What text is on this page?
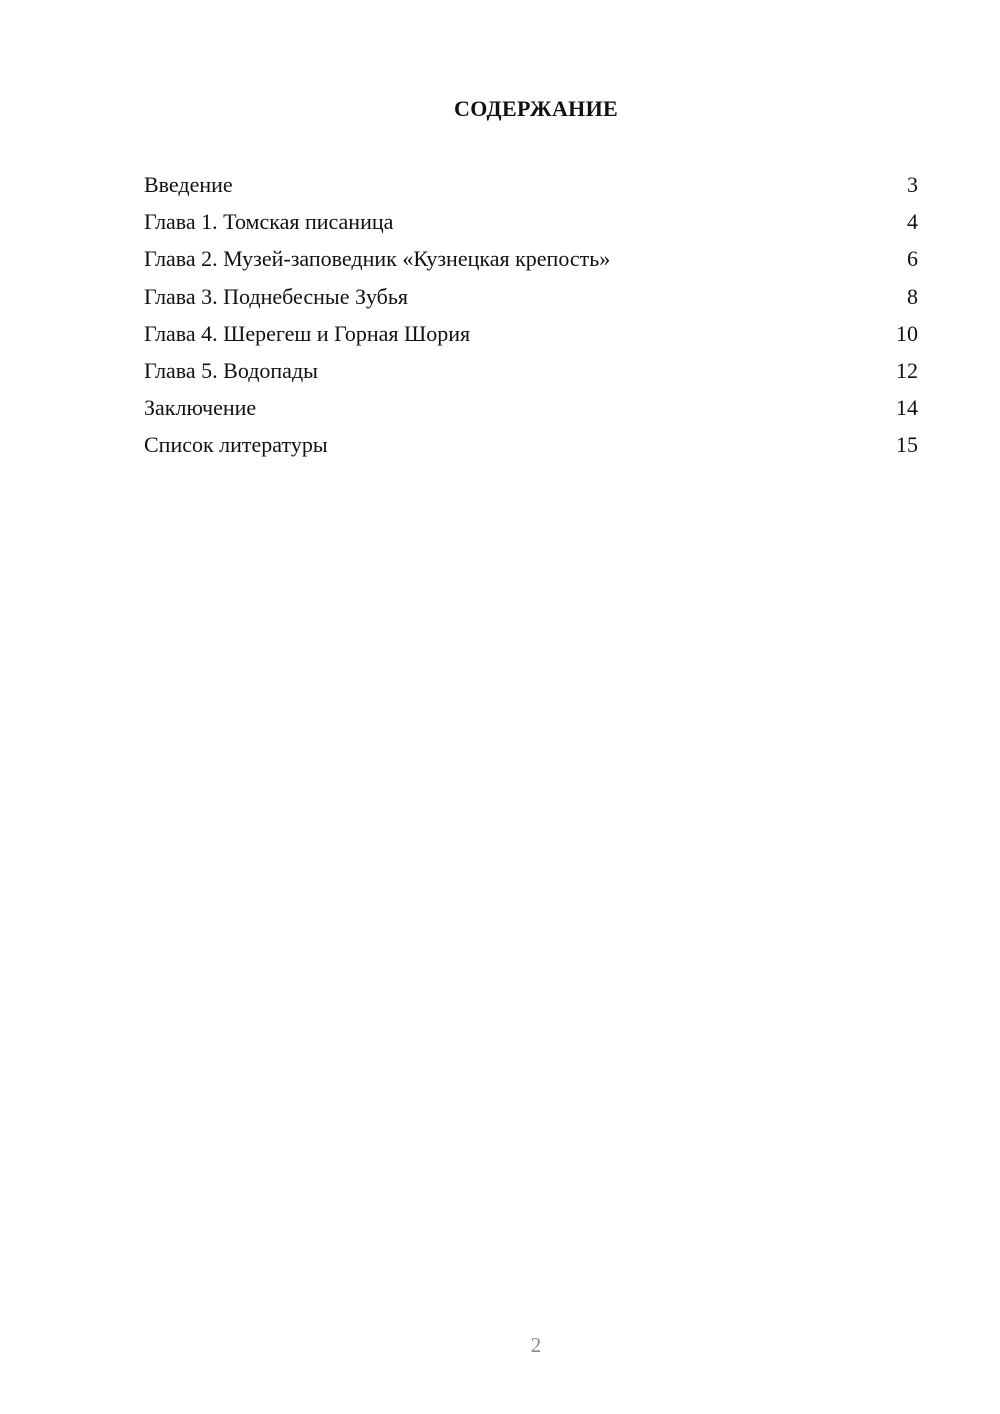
СОДЕРЖАНИЕ
Введение	3
Глава 1. Томская писаница	4
Глава 2. Музей-заповедник «Кузнецкая крепость»	6
Глава 3. Поднебесные Зубья	8
Глава 4. Шерегеш и Горная Шория	10
Глава 5. Водопады	12
Заключение	14
Список литературы	15
2
